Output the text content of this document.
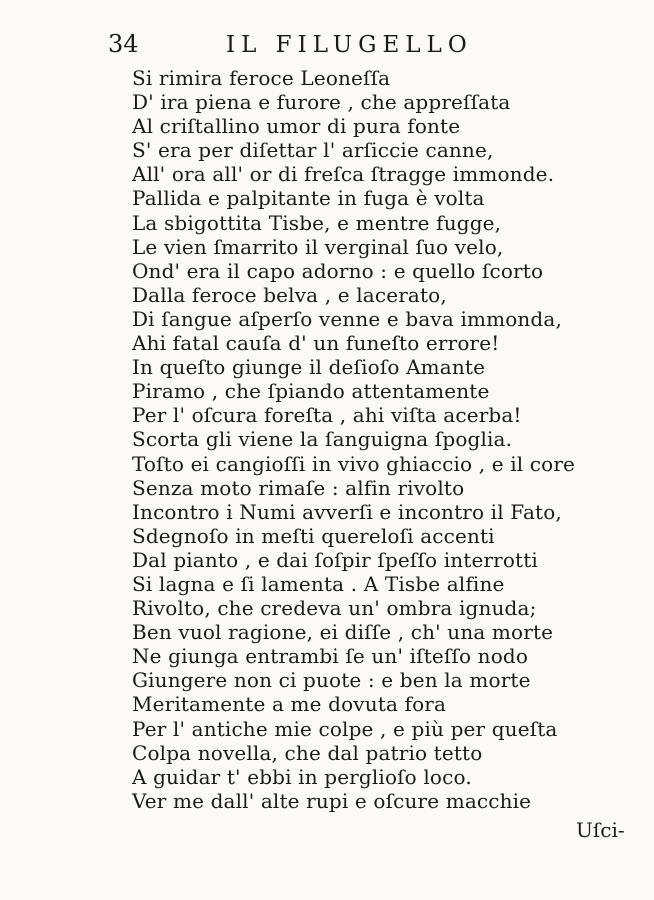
34	IL FILUGELLO
Si rimira feroce Leoneſſa
D' ira piena e furore , che appreſſata
Al criſtallino umor di pura fonte
S' era per diſettar l' arſiccie canne,
All' ora all' or di freſca ſtragge immonde.
Pallida e palpitante in fuga è volta
La sbigottita Tisbe, e mentre fugge,
Le vien ſmarrito il verginal ſuo velo,
Ond' era il capo adorno : e quello ſcorto
Dalla feroce belva , e lacerato,
Di ſangue aſperſo venne e bava immonda,
Ahi fatal cauſa d' un funeſto errore!
In queſto giunge il deſioſo Amante
Piramo , che ſpiando attentamente
Per l' oſcura foreſta , ahi viſta acerba!
Scorta gli viene la ſanguigna ſpoglia.
Toſto ei cangioſſi in vivo ghiaccio , e il core
Senza moto rimaſe : alfin rivolto
Incontro i Numi avverſi e incontro il Fato,
Sdegnoſo in meſti quereloſi accenti
Dal pianto , e dai ſoſpir ſpeſſo interrotti
Si lagna e ſi lamenta . A Tisbe alfine
Rivolto, che credeva un' ombra ignuda;
Ben vuol ragione, ei diſſe , ch' una morte
Ne giunga entrambi ſe un' iſteſſo nodo
Giungere non ci puote : e ben la morte
Meritamente a me dovuta fora
Per l' antiche mie colpe , e più per queſta
Colpa novella, che dal patrio tetto
A guidar t' ebbi in perglioſo loco.
Ver me dall' alte rupi e oſcure macchie
Uſci-
